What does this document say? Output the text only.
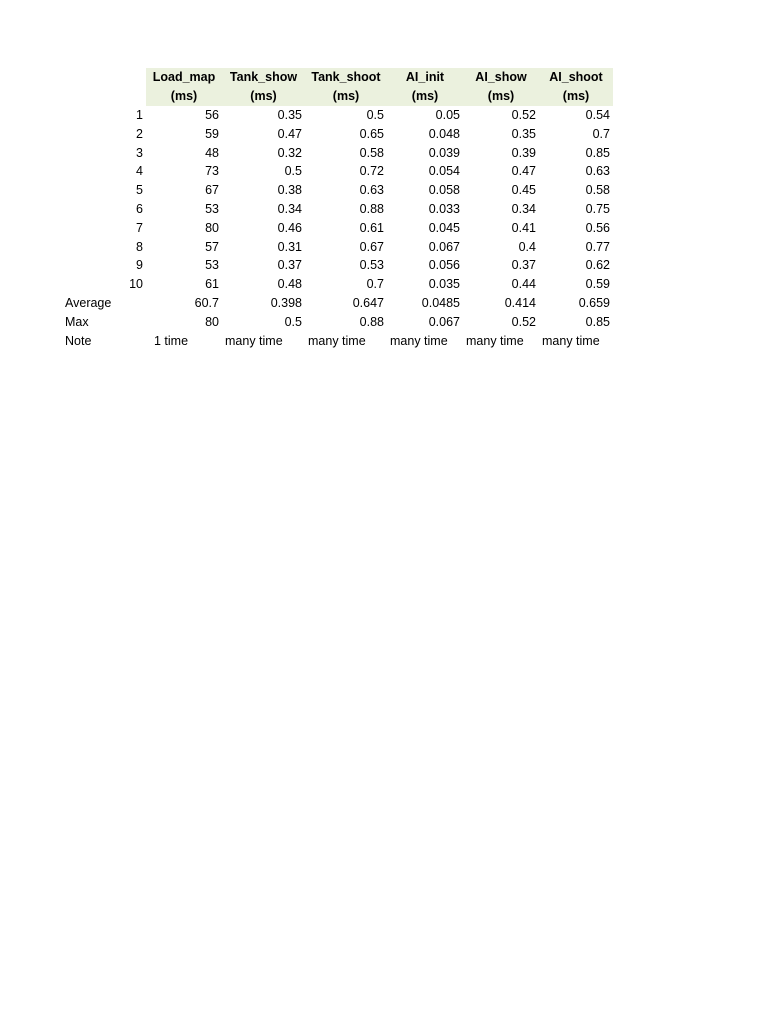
	Load_map	Tank_show	Tank_shoot	AI_init	AI_show	AI_shoot
	(ms)	(ms)	(ms)	(ms)	(ms)	(ms)
1	56	0.35	0.5	0.05	0.52	0.54
2	59	0.47	0.65	0.048	0.35	0.7
3	48	0.32	0.58	0.039	0.39	0.85
4	73	0.5	0.72	0.054	0.47	0.63
5	67	0.38	0.63	0.058	0.45	0.58
6	53	0.34	0.88	0.033	0.34	0.75
7	80	0.46	0.61	0.045	0.41	0.56
8	57	0.31	0.67	0.067	0.4	0.77
9	53	0.37	0.53	0.056	0.37	0.62
10	61	0.48	0.7	0.035	0.44	0.59
Average	60.7	0.398	0.647	0.0485	0.414	0.659
Max	80	0.5	0.88	0.067	0.52	0.85
Note	1 time	many time	many time	many time	many time	many time
